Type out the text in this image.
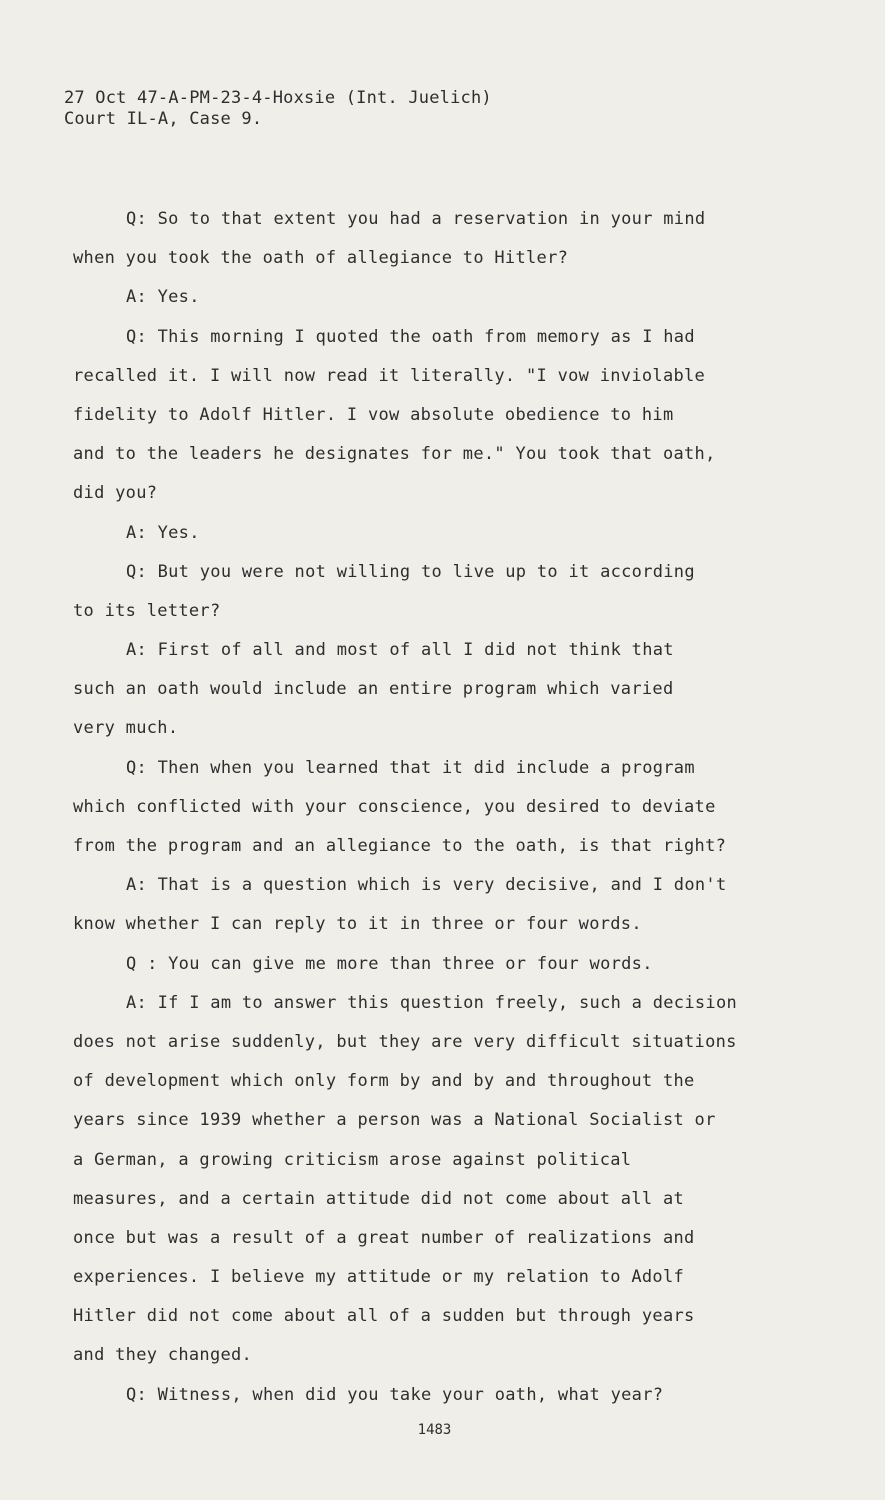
27 Oct 47-A-PM-23-4-Hoxsie (Int. Juelich)
Court IL-A, Case 9.
Q: So to that extent you had a reservation in your mind
when you took the oath of allegiance to Hitler?
A: Yes.
Q: This morning I quoted the oath from memory as I had
recalled it. I will now read it literally. "I vow inviolable
fidelity to Adolf Hitler. I vow absolute obedience to him
and to the leaders he designates for me." You took that oath,
did you?
A: Yes.
Q: But you were not willing to live up to it according
to its letter?
A: First of all and most of all I did not think that
such an oath would include an entire program which varied
very much.
Q: Then when you learned that it did include a program
which conflicted with your conscience, you desired to deviate
from the program and an allegiance to the oath, is that right?
A: That is a question which is very decisive, and I don't
know whether I can reply to it in three or four words.
Q : You can give me more than three or four words.
A: If I am to answer this question freely, such a decision
does not arise suddenly, but they are very difficult situations
of development which only form by and by and throughout the
years since 1939 whether a person was a National Socialist or
a German, a growing criticism arose against political
measures, and a certain attitude did not come about all at
once but was a result of a great number of realizations and
experiences. I believe my attitude or my relation to Adolf
Hitler did not come about all of a sudden but through years
and they changed.
Q: Witness, when did you take your oath, what year?
1483
